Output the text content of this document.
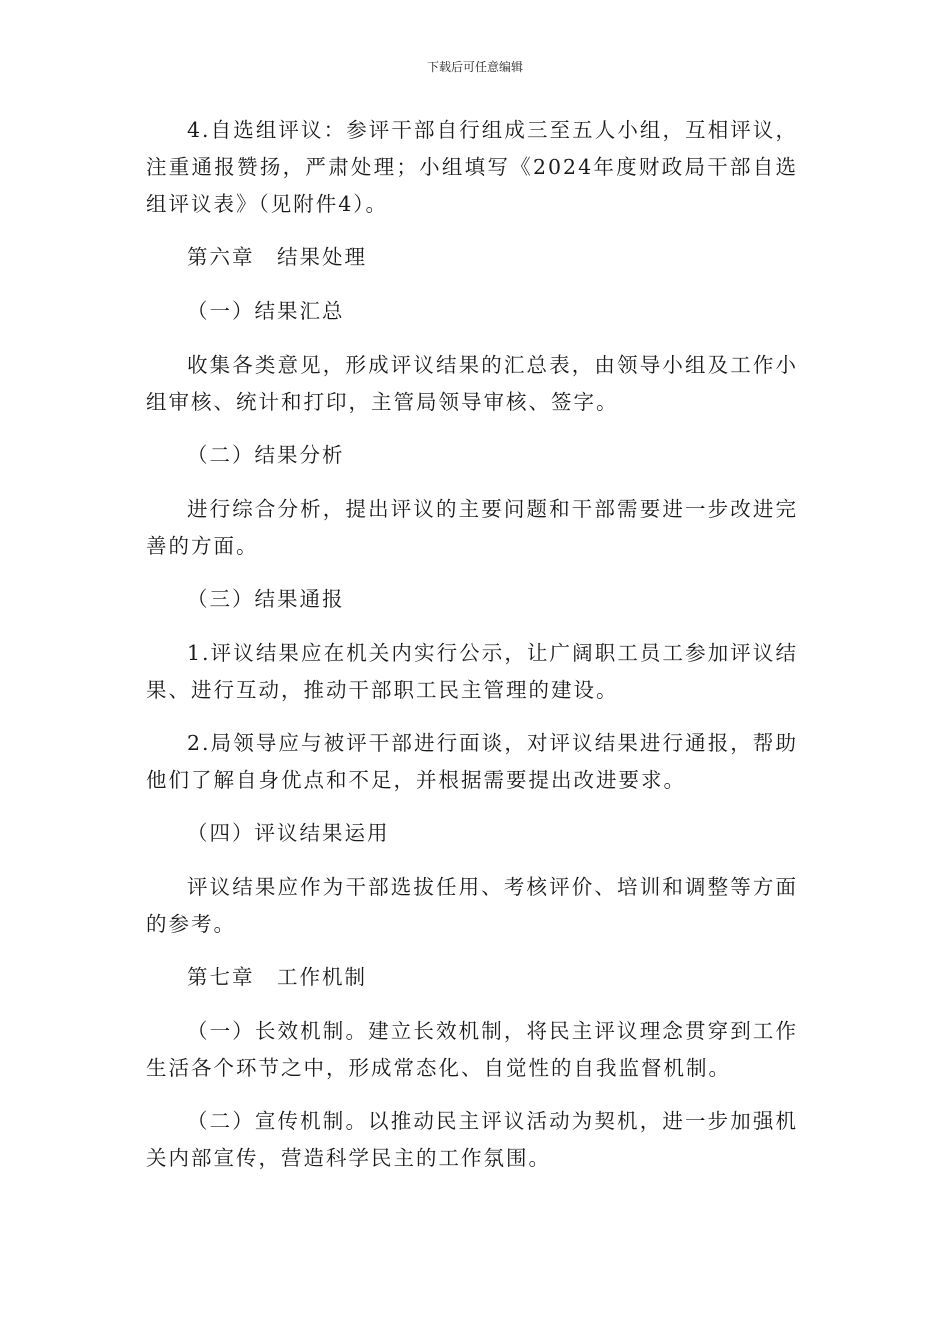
下载后可任意编辑

4.自选组评议：参评干部自行组成三至五人小组，互相评议，注重通报赞扬，严肃处理；小组填写《2024年度财政局干部自选组评议表》（见附件4）。

第六章　结果处理

（一）结果汇总

收集各类意见，形成评议结果的汇总表，由领导小组及工作小组审核、统计和打印，主管局领导审核、签字。

（二）结果分析

进行综合分析，提出评议的主要问题和干部需要进一步改进完善的方面。

（三）结果通报

1.评议结果应在机关内实行公示，让广阔职工员工参加评议结果、进行互动，推动干部职工民主管理的建设。

2.局领导应与被评干部进行面谈，对评议结果进行通报，帮助他们了解自身优点和不足，并根据需要提出改进要求。

（四）评议结果运用

评议结果应作为干部选拔任用、考核评价、培训和调整等方面的参考。

第七章　工作机制

（一）长效机制。建立长效机制，将民主评议理念贯穿到工作生活各个环节之中，形成常态化、自觉性的自我监督机制。

（二）宣传机制。以推动民主评议活动为契机，进一步加强机关内部宣传，营造科学民主的工作氛围。
